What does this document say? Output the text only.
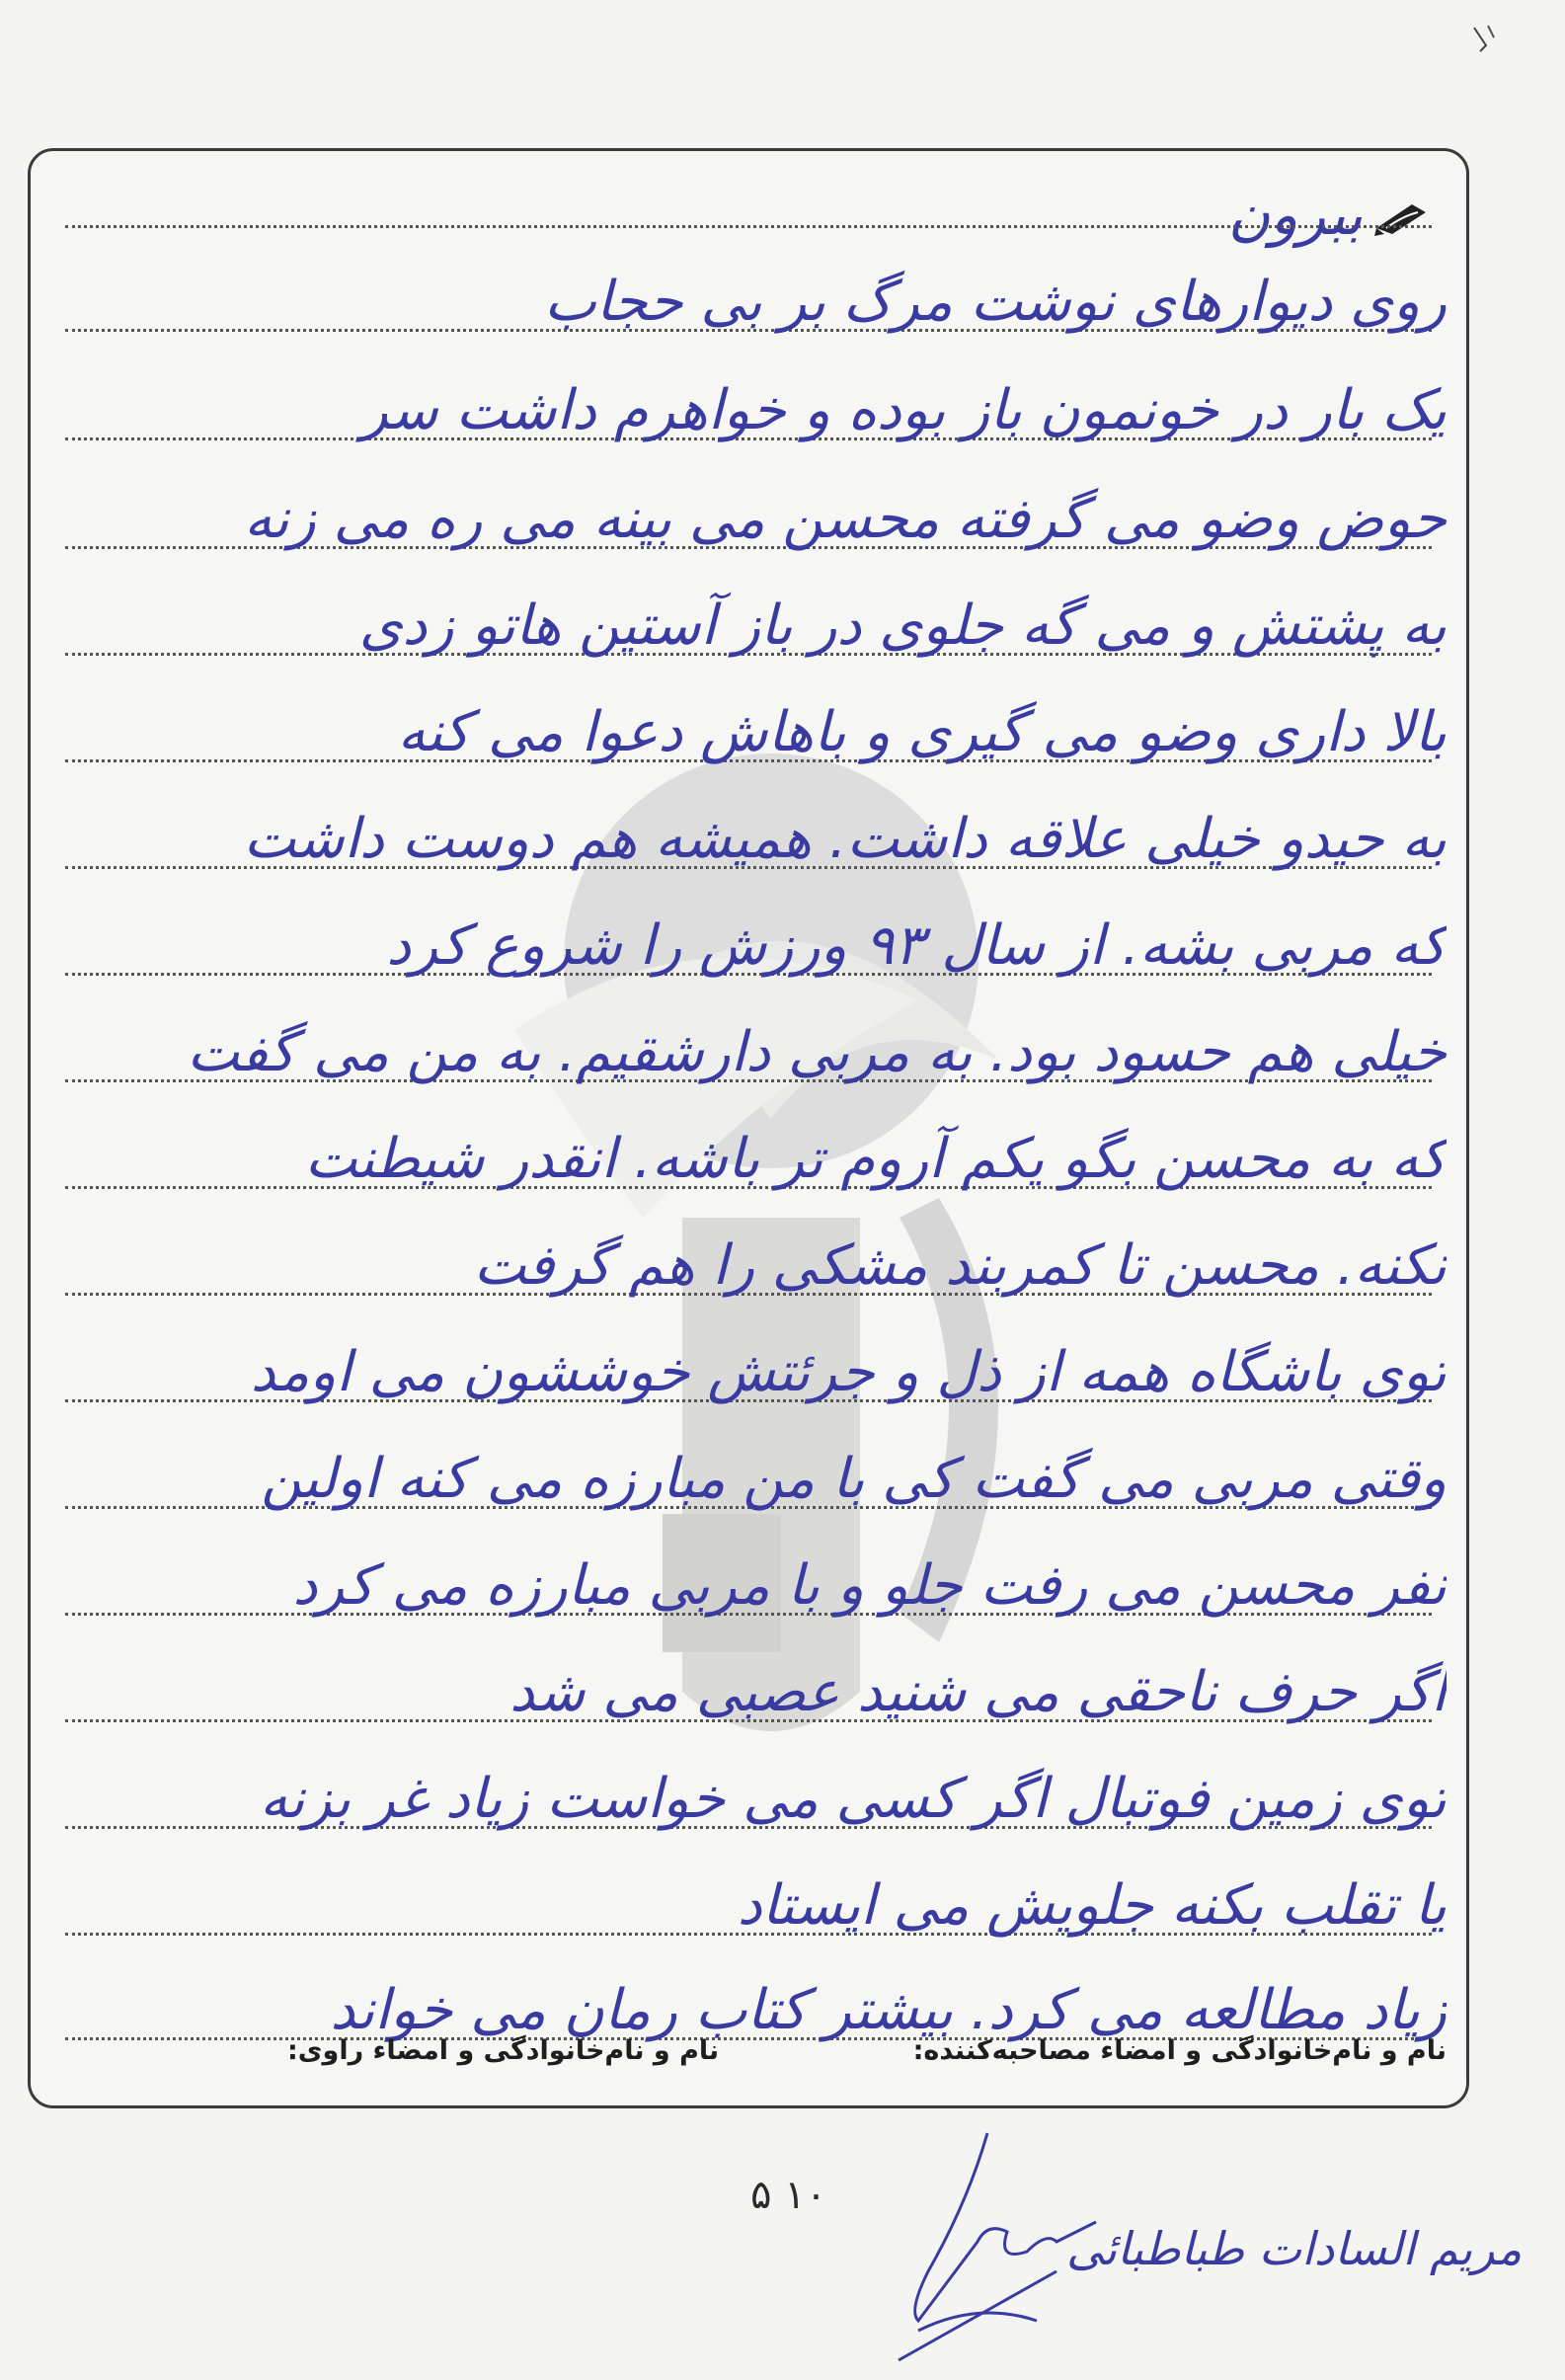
ببرون
روی دیوارهای نوشت مرگ بر بی حجاب
یک بار در خونمون باز بوده و خواهرم داشت سر
حوض وضو می گرفته محسن می بینه می ره می زنه
به پشتش و می گه جلوی در باز آستین هاتو زدی
بالا داری وضو می گیری و باهاش دعوا می کنه
به حیدو خیلی علاقه داشت. همیشه هم دوست داشت
که مربی بشه. از سال ۹۳ ورزش را شروع کرد
خیلی هم حسود بود. به مربی دارشقیم. به من می گفت
که به محسن بگو یکم آروم تر باشه. انقدر شیطنت
نکنه. محسن تا کمربند مشکی را هم گرفت
توی باشگاه همه از ذل و جرئتش خوششون می اومد
وقتی مربی می گفت کی با من مبارزه می کنه اولین
نفر محسن می رفت جلو و با مربی مبارزه می کرد
اگر حرف ناحقی می شنید عصبی می شد
توی زمین فوتبال اگر کسی می خواست زیاد غر بزنه
یا تقلب بکنه جلویش می ایستاد
زیاد مطالعه می کرد. بیشتر کتاب رمان می خواند
نام و نام‌خانوادگی و امضاء مصاحبه‌کننده:
نام و نام‌خانوادگی و امضاء راوی:
۱۰ ۵
مریم السادات طباطبائی
